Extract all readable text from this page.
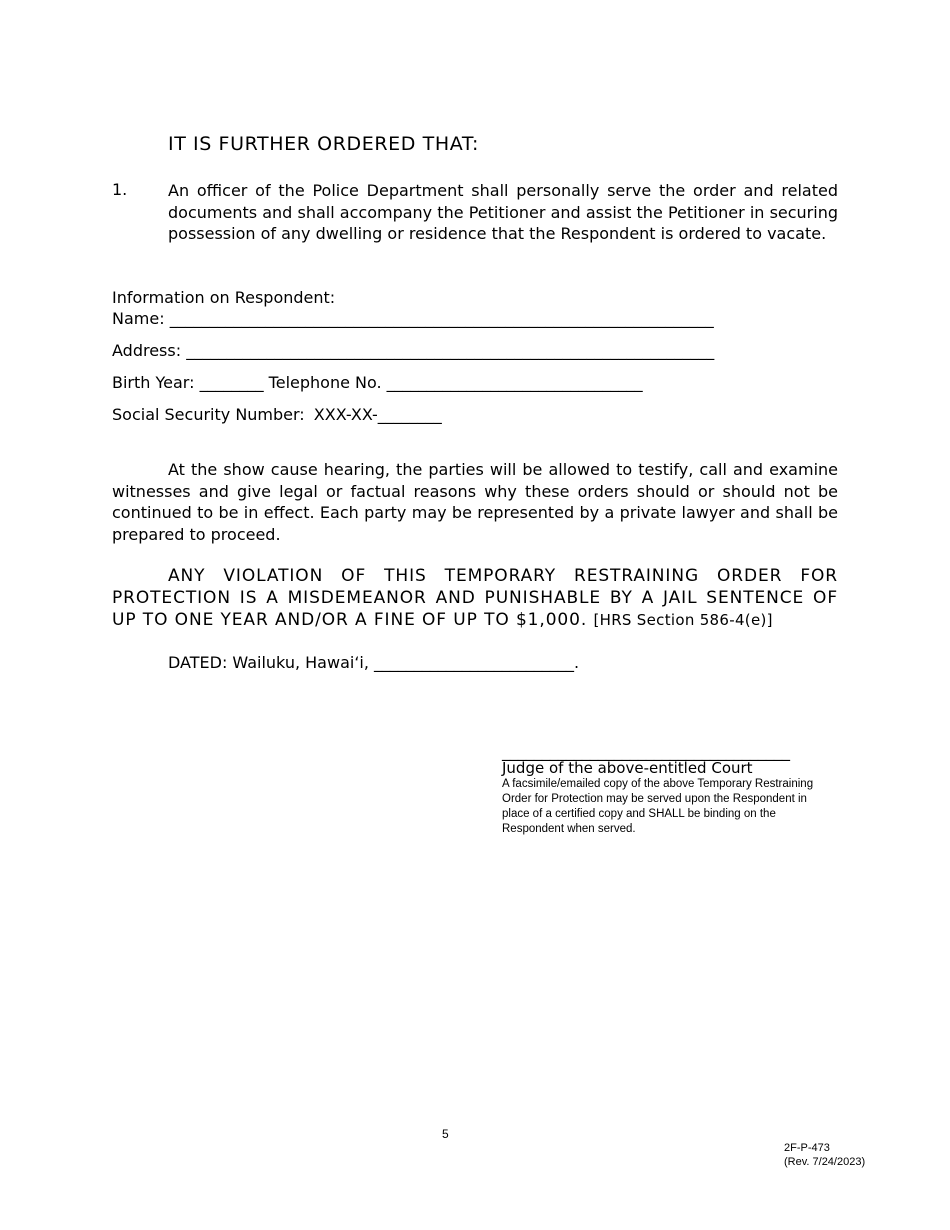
IT IS FURTHER ORDERED THAT:
1.	An officer of the Police Department shall personally serve the order and related documents and shall accompany the Petitioner and assist the Petitioner in securing possession of any dwelling or residence that the Respondent is ordered to vacate.
Information on Respondent:
Name: ____________________________________________________________________
Address: __________________________________________________________________
Birth Year: ________ Telephone No. ________________________________
Social Security Number: XXX-XX-________
At the show cause hearing, the parties will be allowed to testify, call and examine witnesses and give legal or factual reasons why these orders should or should not be continued to be in effect. Each party may be represented by a private lawyer and shall be prepared to proceed.
ANY VIOLATION OF THIS TEMPORARY RESTRAINING ORDER FOR PROTECTION IS A MISDEMEANOR AND PUNISHABLE BY A JAIL SENTENCE OF UP TO ONE YEAR AND/OR A FINE OF UP TO $1,000. [HRS Section 586-4(e)]
DATED: Wailuku, Hawai‘i, _________________________.
____________________________________
Judge of the above-entitled Court
A facsimile/emailed copy of the above Temporary Restraining Order for Protection may be served upon the Respondent in place of a certified copy and SHALL be binding on the Respondent when served.
5
2F-P-473
(Rev. 7/24/2023)
